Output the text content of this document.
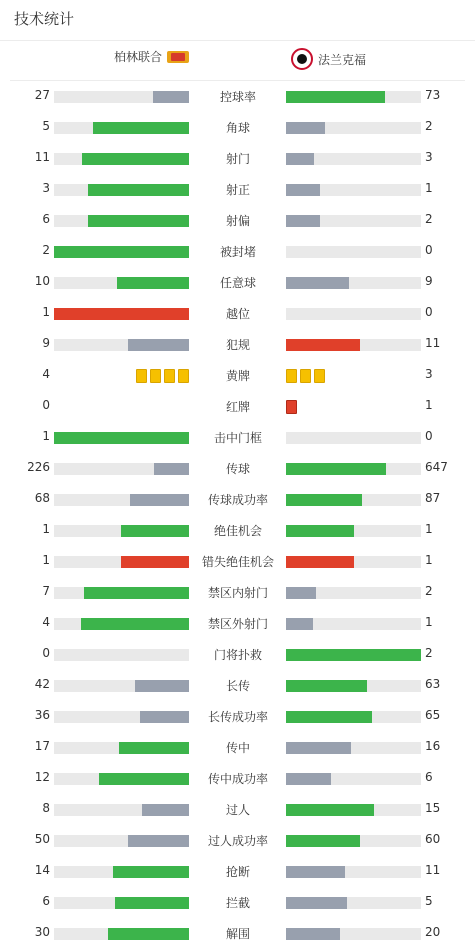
技术统计
柏林联合	法兰克福
27	控球率	73
5	角球	2
11	射门	3
3	射正	1
6	射偏	2
2	被封堵	0
10	任意球	9
1	越位	0
9	犯规	11
4	黄牌	3
0	红牌	1
1	击中门框	0
226	传球	647
68	传球成功率	87
1	绝佳机会	1
1	错失绝佳机会	1
7	禁区内射门	2
4	禁区外射门	1
0	门将扑救	2
42	长传	63
36	长传成功率	65
17	传中	16
12	传中成功率	6
8	过人	15
50	过人成功率	60
14	抢断	11
6	拦截	5
30	解围	20
